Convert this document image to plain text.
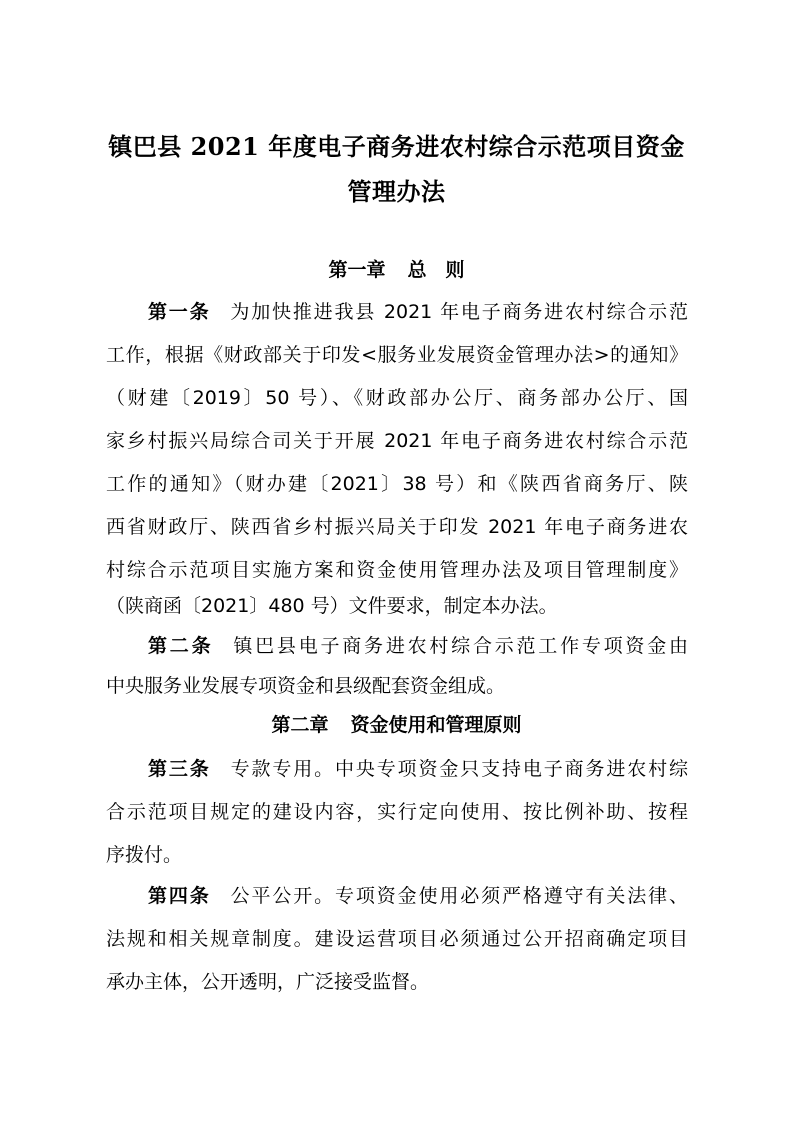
镇巴县 2021 年度电子商务进农村综合示范项目资金
管理办法
第一章 总　则
第一条 为加快推进我县 2021 年电子商务进农村综合示范
工作，根据《财政部关于印发<服务业发展资金管理办法>的通知》
（财建〔2019〕50 号）、《财政部办公厅、商务部办公厅、国
家乡村振兴局综合司关于开展 2021 年电子商务进农村综合示范
工作的通知》（财办建〔2021〕38 号）和《陕西省商务厅、陕
西省财政厅、陕西省乡村振兴局关于印发 2021 年电子商务进农
村综合示范项目实施方案和资金使用管理办法及项目管理制度》
（陕商函〔2021〕480 号）文件要求，制定本办法。
第二条 镇巴县电子商务进农村综合示范工作专项资金由
中央服务业发展专项资金和县级配套资金组成。
第二章 资金使用和管理原则
第三条 专款专用。中央专项资金只支持电子商务进农村综
合示范项目规定的建设内容，实行定向使用、按比例补助、按程
序拨付。
第四条 公平公开。专项资金使用必须严格遵守有关法律、
法规和相关规章制度。建设运营项目必须通过公开招商确定项目
承办主体，公开透明，广泛接受监督。
